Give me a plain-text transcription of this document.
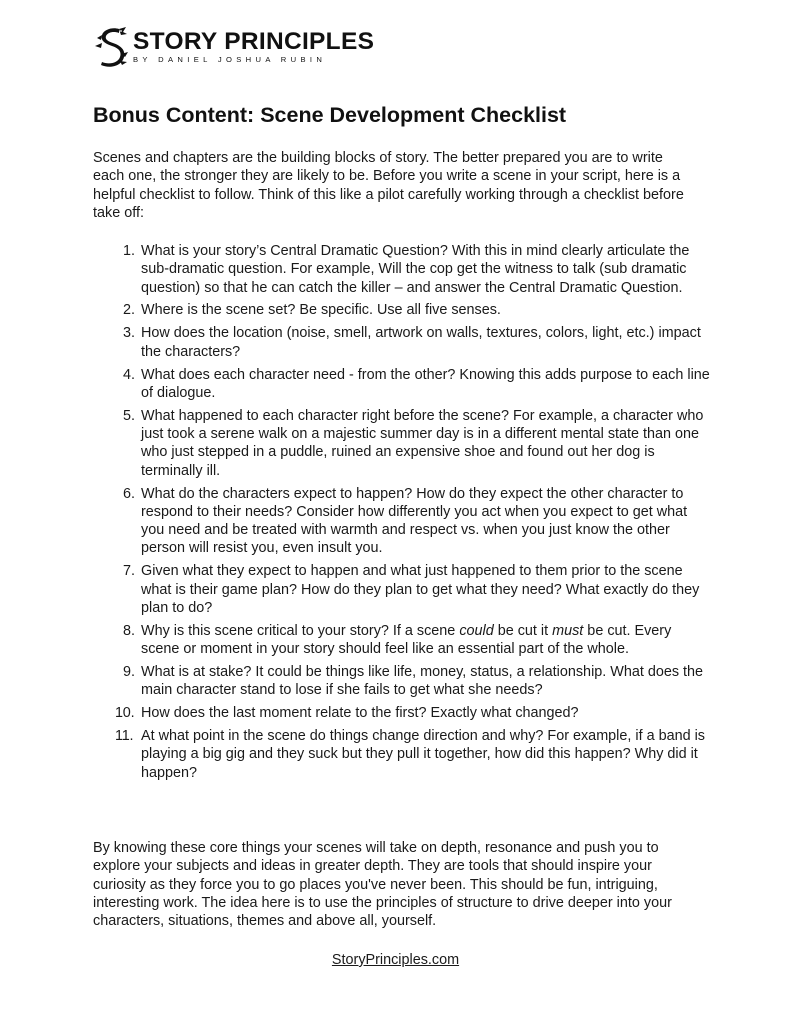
STORY PRINCIPLES
BY DANIEL JOSHUA RUBIN
Bonus Content: Scene Development Checklist

Scenes and chapters are the building blocks of story. The better prepared you are to write each one, the stronger they are likely to be. Before you write a scene in your script, here is a helpful checklist to follow. Think of this like a pilot carefully working through a checklist before take off:

1. What is your story’s Central Dramatic Question? With this in mind clearly articulate the sub-dramatic question. For example, Will the cop get the witness to talk (sub dramatic question) so that he can catch the killer – and answer the Central Dramatic Question.
2. Where is the scene set? Be specific. Use all five senses.
3. How does the location (noise, smell, artwork on walls, textures, colors, light, etc.) impact the characters?
4. What does each character need - from the other? Knowing this adds purpose to each line of dialogue.
5. What happened to each character right before the scene? For example, a character who just took a serene walk on a majestic summer day is in a different mental state than one who just stepped in a puddle, ruined an expensive shoe and found out her dog is terminally ill.
6. What do the characters expect to happen? How do they expect the other character to respond to their needs? Consider how differently you act when you expect to get what you need and be treated with warmth and respect vs. when you just know the other person will resist you, even insult you.
7. Given what they expect to happen and what just happened to them prior to the scene what is their game plan? How do they plan to get what they need? What exactly do they plan to do?
8. Why is this scene critical to your story? If a scene could be cut it must be cut. Every scene or moment in your story should feel like an essential part of the whole.
9. What is at stake? It could be things like life, money, status, a relationship. What does the main character stand to lose if she fails to get what she needs?
10. How does the last moment relate to the first? Exactly what changed?
11. At what point in the scene do things change direction and why? For example, if a band is playing a big gig and they suck but they pull it together, how did this happen? Why did it happen?

By knowing these core things your scenes will take on depth, resonance and push you to explore your subjects and ideas in greater depth. They are tools that should inspire your curiosity as they force you to go places you've never been. This should be fun, intriguing, interesting work. The idea here is to use the principles of structure to drive deeper into your characters, situations, themes and above all, yourself.

StoryPrinciples.com
